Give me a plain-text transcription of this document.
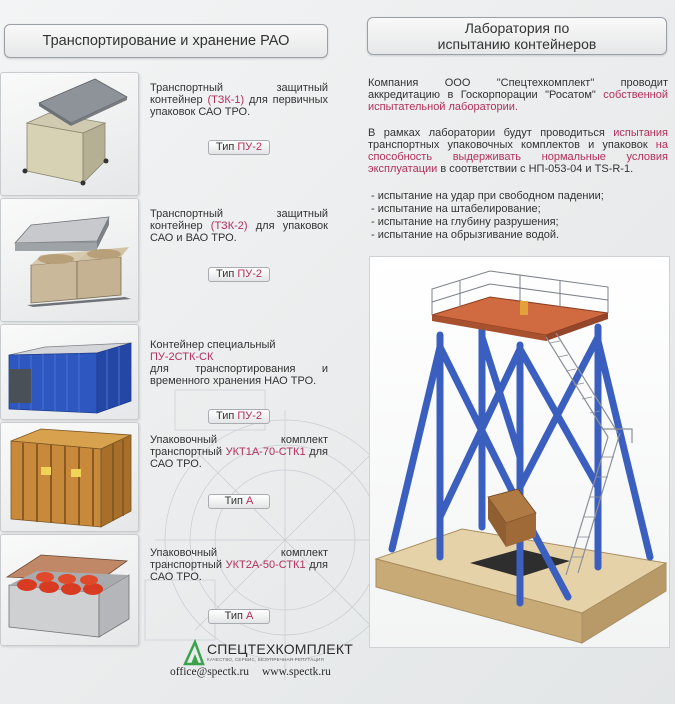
Транспортирование и хранение РАО
Лаборатория по испытанию контейнеров
Транспортный защитный контейнер (ТЗК-1) для первичных упаковок САО ТРО.
Тип ПУ-2
Транспортный защитный контейнер (ТЗК-2) для упаковок САО и ВАО ТРО.
Тип ПУ-2
Контейнер специальный
ПУ-2СТК-СК
для транспортирования и временного хранения НАО ТРО.
Тип ПУ-2
Упаковочный комплект транспортный УКТ1А-70-СТК1 для САО ТРО.
Тип А
Упаковочный комплект транспортный УКТ2А-50-СТК1 для САО ТРО.
Тип А
Компания ООО "Спецтехкомплект" проводит аккредитацию в Госкорпорации "Росатом" собственной испытательной лаборатории.
В рамках лаборатории будут проводиться испытания транспортных упаковочных комплектов и упаковок на способность выдерживать нормальные условия эксплуатации в соответствии с НП-053-04 и TS-R-1.
- испытание на удар при свободном падении;
- испытание на штабелирование;
- испытание на глубину разрушения;
- испытание на обрызгивание водой.
СПЕЦТЕХКОМПЛЕКТ
КАЧЕСТВО, СЕРВИС, БЕЗУПРЕЧНАЯ РЕПУТАЦИЯ
office@spectk.ru www.spectk.ru
